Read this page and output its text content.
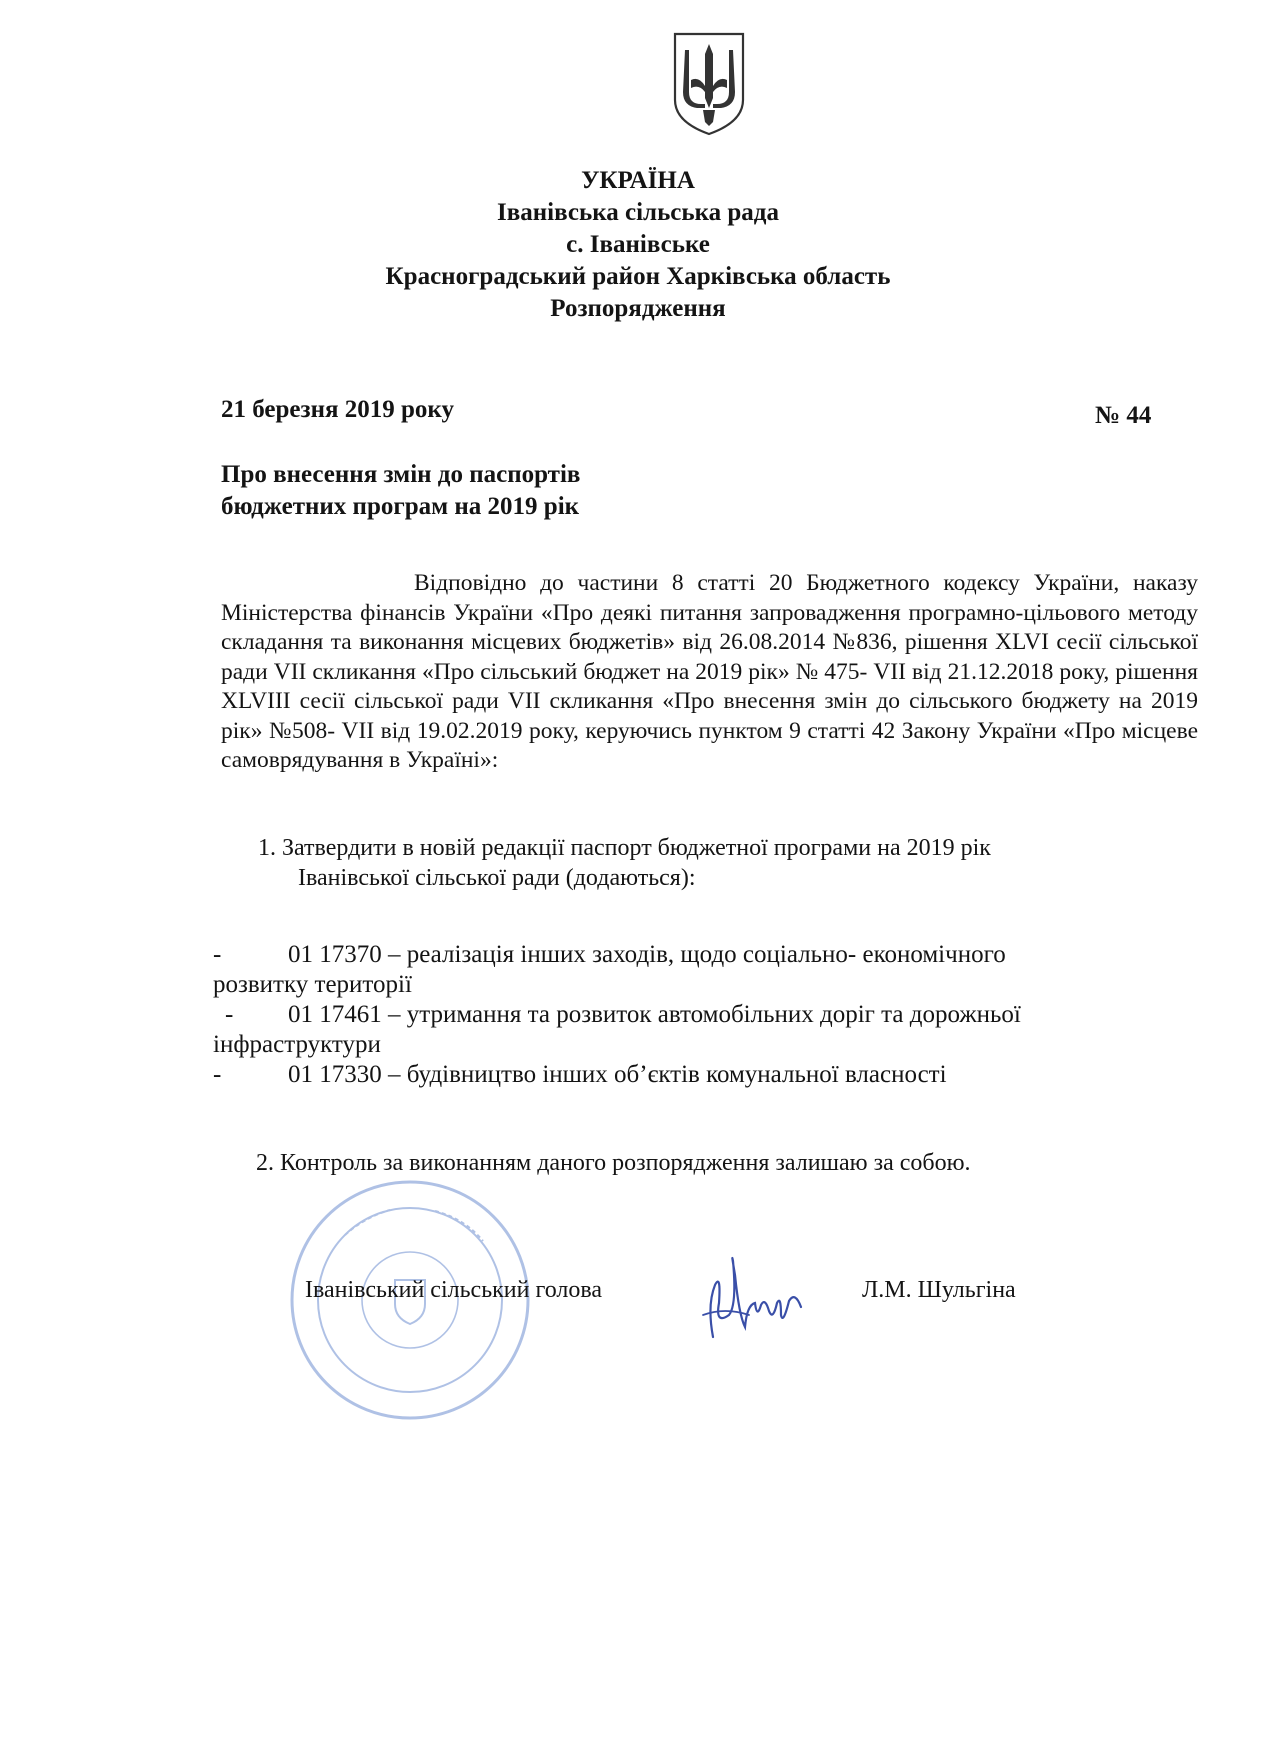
УКРАЇНА
Іванівська сільська рада
с. Іванівське
Красноградський район Харківська область
Розпорядження
21 березня 2019 року	№ 44
Про внесення змін до паспортів
бюджетних програм на 2019 рік
Відповідно до частини 8 статті 20 Бюджетного кодексу України, наказу Міністерства фінансів України «Про деякі питання запровадження програмно-цільового методу складання та виконання місцевих бюджетів» від 26.08.2014 №836, рішення XLVI сесії сільської ради VII скликання «Про сільський бюджет на 2019 рік» № 475- VII від 21.12.2018 року, рішення XLVIII сесії сільської ради VII скликання «Про внесення змін до сільського бюджету на 2019 рік» №508- VII від 19.02.2019 року, керуючись пунктом 9 статті 42 Закону України «Про місцеве самоврядування в Україні»:
1. Затвердити в новій редакції паспорт бюджетної програми на 2019 рік
Іванівської сільської ради (додаються):
-	01 17370 – реалізація інших заходів, щодо соціально- економічного
розвитку території
- 01 17461 – утримання та розвиток автомобільних доріг та дорожньої
інфраструктури
-	01 17330 – будівництво інших об’єктів комунальної власності
2. Контроль за виконанням даного розпорядження залишаю за собою.
Іванівський сільський голова	Л.М. Шульгіна
